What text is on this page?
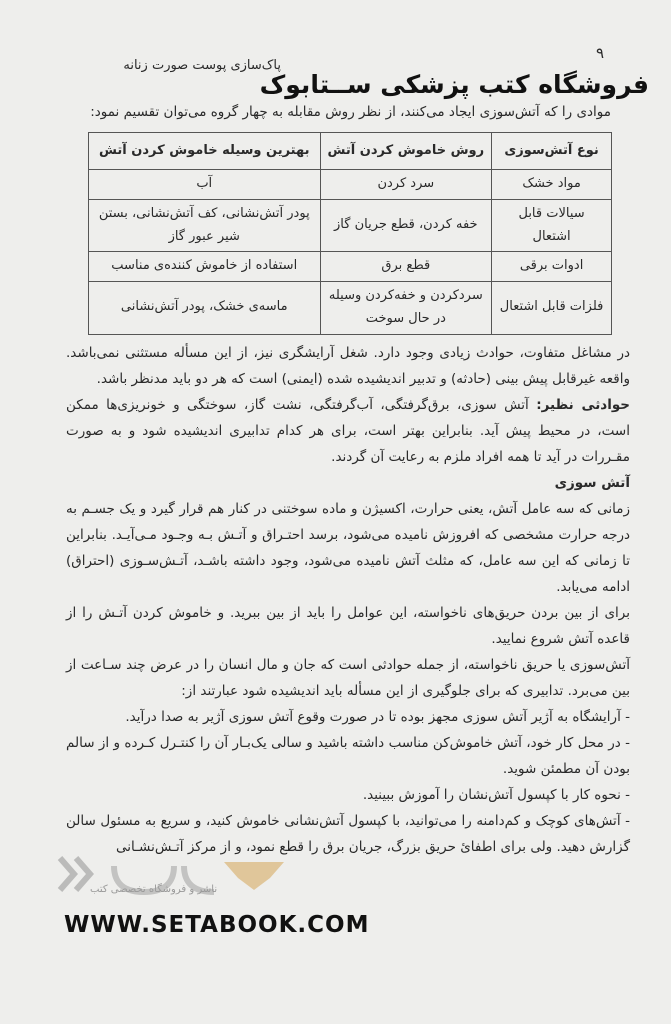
۹
پاک‌سازی پوست صورت زنانه
فروشگاه کتب پزشکی ســتابوک
موادی را که آتش‌سوزی ایجاد می‌کنند، از نظر روش مقابله به چهار گروه می‌توان تقسیم نمود:
نوع آتش‌سوزی	روش خاموش کردن آتش	بهترین وسیله خاموش کردن آتش
مواد خشک	سرد کردن	آب
سیالات قابل اشتعال	خفه کردن، قطع جریان گاز	پودر آتش‌نشانی، کف آتش‌نشانی، بستن شیر عبور گاز
ادوات برقی	قطع برق	استفاده از خاموش کننده‌ی مناسب
فلزات قابل اشتعال	سردکردن و خفه‌کردن وسیله در حال سوخت	ماسه‌ی خشک، پودر آتش‌نشانی

در مشاغل متفاوت، حوادث زیادی وجود دارد. شغل آرایشگری نیز، از این مسأله مستثنی نمی‌باشد. واقعه غیرقابل پیش بینی (حادثه) و تدبیر اندیشیده شده (ایمنی) است که هر دو باید مدنظر باشد.

حوادثی نظیر: آتش سوزی، برق‌گرفتگی، آب‌گرفتگی، نشت گاز، سوختگی و خونریزی‌ها ممکن است، در محیط پیش آید. بنابراین بهتر است، برای هر کدام تدابیری اندیشیده شود و به صورت مقـررات در آید تا همه افراد ملزم به رعایت آن گردند.

آتش سوزی

زمانی که سه عامل آتش، یعنی حرارت، اکسیژن و ماده سوختنی در کنار هم قرار گیرد و یک جسـم به درجه حرارت مشخصی که افروزش نامیده می‌شود، برسد احتـراق و آتـش بـه وجـود مـی‌آیـد. بنابراین تا زمانی که این سه عامل، که مثلث آتش نامیده می‌شود، وجود داشته باشـد، آتـش‌سـوزی (احتراق) ادامه می‌یابد.

برای از بین بردن حریق‌های ناخواسته، این عوامل را باید از بین ببرید. و خاموش کردن آتـش را از قاعده آتش شروع نمایید.

آتش‌سوزی یا حریق ناخواسته، از جمله حوادثی است که جان و مال انسان را در عرض چند سـاعت از بین می‌برد. تدابیری که برای جلوگیری از این مسأله باید اندیشیده شود عبارتند از:

- آرایشگاه به آژیر آتش سوزی مجهز بوده تا در صورت وقوع آتش سوزی آژیر به صدا درآید.

- در محل کار خود، آتش خاموش‌کن مناسب داشته باشید و سالی یک‌بـار آن را کنتـرل کـرده و از سالم بودن آن مطمئن شوید.

- نحوه کار با کپسول آتش‌نشان را آموزش ببینید.

- آتش‌های کوچک و کم‌دامنه را می‌توانید، با کپسول آتش‌نشانی خاموش کنید، و سریع به مسئول سالن گزارش دهید. ولی برای اطفائ حریق بزرگ، جریان برق را قطع نمود، و از مرکز آتـش‌نشـانی

ناشر و فروشگاه تخصصی کتب
WWW.SETABOOK.COM
